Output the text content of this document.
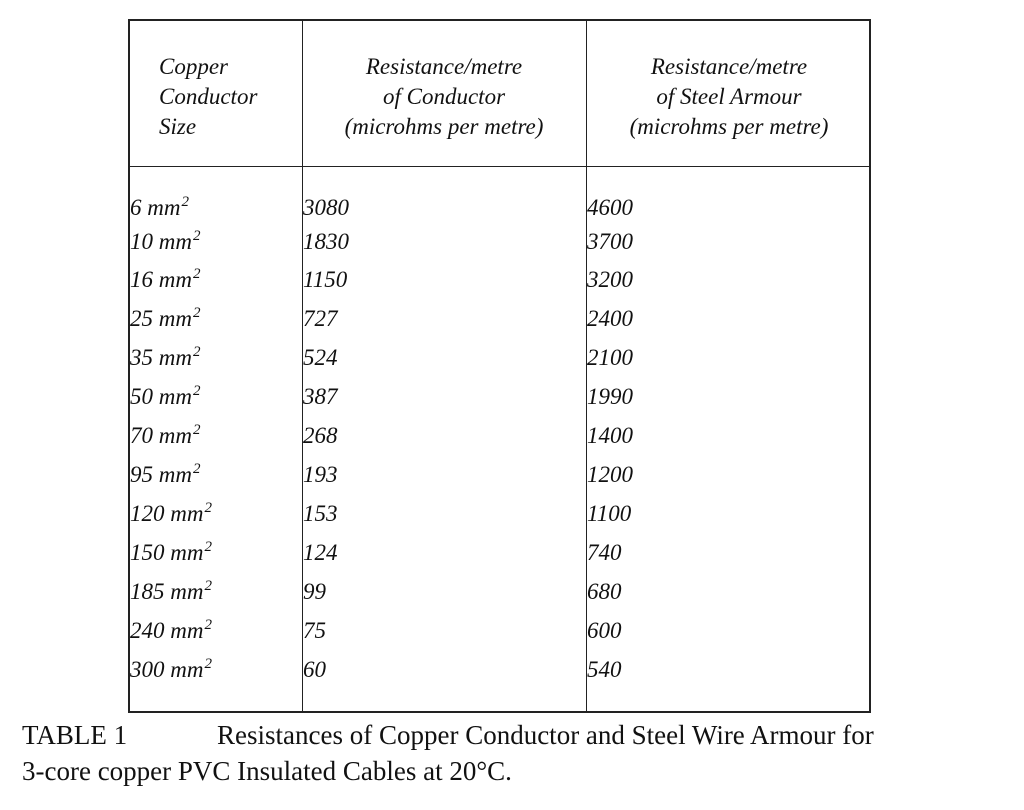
Copper
Conductor
Size
Resistance/metre
of Conductor
(microhms per metre)
Resistance/metre
of Steel Armour
(microhms per metre)
6 $mm^2$
10 $mm^2$
16 $mm^2$
25 $mm^2$
35 $mm^2$
50 $mm^2$
70 $mm^2$
95 $mm^2$
120 $mm^2$
150 $mm^2$
185 $mm^2$
240 $mm^2$
300 $mm^2$
3080
1830
1150
727
524
387
268
193
153
124
99
75
60
4600
3700
3200
2400
2100
1990
1400
1200
1100
740
680
600
540
TABLE 1	Resistances of Copper Conductor and Steel Wire Armour for
3-core copper PVC Insulated Cables at 20°C.
